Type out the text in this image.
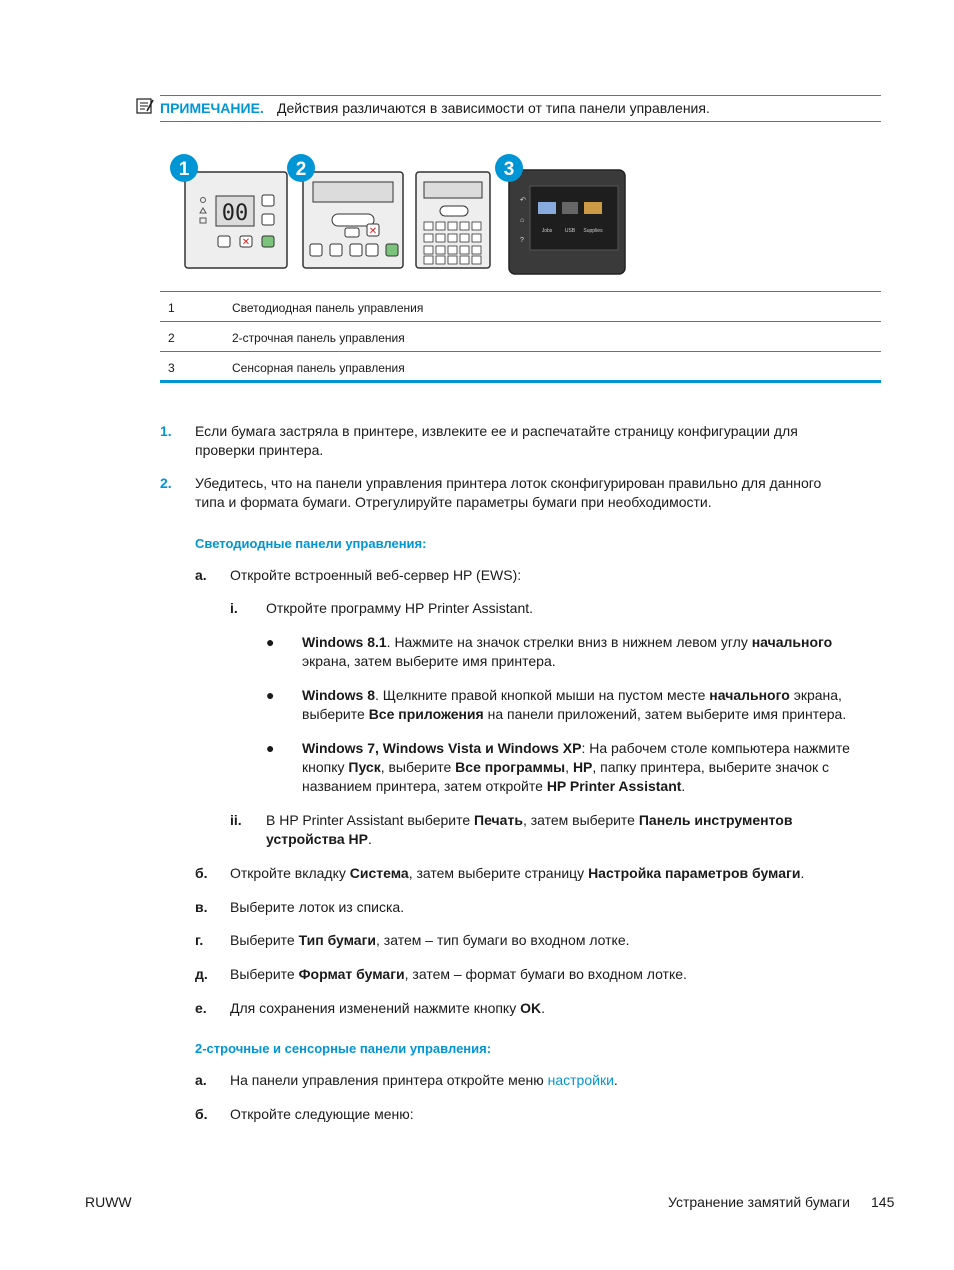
ПРИМЕЧАНИЕ. Действия различаются в зависимости от типа панели управления.
00
✕
✕	Jobs	USB Supplies
↶
⌂
?
1	2	3
1	Светодиодная панель управления
2	2-строчная панель управления
3	Сенсорная панель управления
1. Если бумага застряла в принтере, извлеките ее и распечатайте страницу конфигурации для
проверки принтера.
2. Убедитесь, что на панели управления принтера лоток сконфигурирован правильно для данного
типа и формата бумаги. Отрегулируйте параметры бумаги при необходимости.
Светодиодные панели управления:
а. Откройте встроенный веб-сервер HP (EWS):
i. Откройте программу HP Printer Assistant.
● Windows 8.1. Нажмите на значок стрелки вниз в нижнем левом углу начального
экрана, затем выберите имя принтера.
● Windows 8. Щелкните правой кнопкой мыши на пустом месте начального экрана,
выберите Все приложения на панели приложений, затем выберите имя принтера.
● Windows 7, Windows Vista и Windows XP: На рабочем столе компьютера нажмите
кнопку Пуск, выберите Все программы, HP, папку принтера, выберите значок с
названием принтера, затем откройте HP Printer Assistant.
ii. В HP Printer Assistant выберите Печать, затем выберите Панель инструментов
устройства HP.
б. Откройте вкладку Система, затем выберите страницу Настройка параметров бумаги.
в. Выберите лоток из списка.
г. Выберите Тип бумаги, затем – тип бумаги во входном лотке.
д. Выберите Формат бумаги, затем – формат бумаги во входном лотке.
е. Для сохранения изменений нажмите кнопку OK.
2-строчные и сенсорные панели управления:
а. На панели управления принтера откройте меню настройки.
б. Откройте следующие меню:
RUWW	Устранение замятий бумаги 145
